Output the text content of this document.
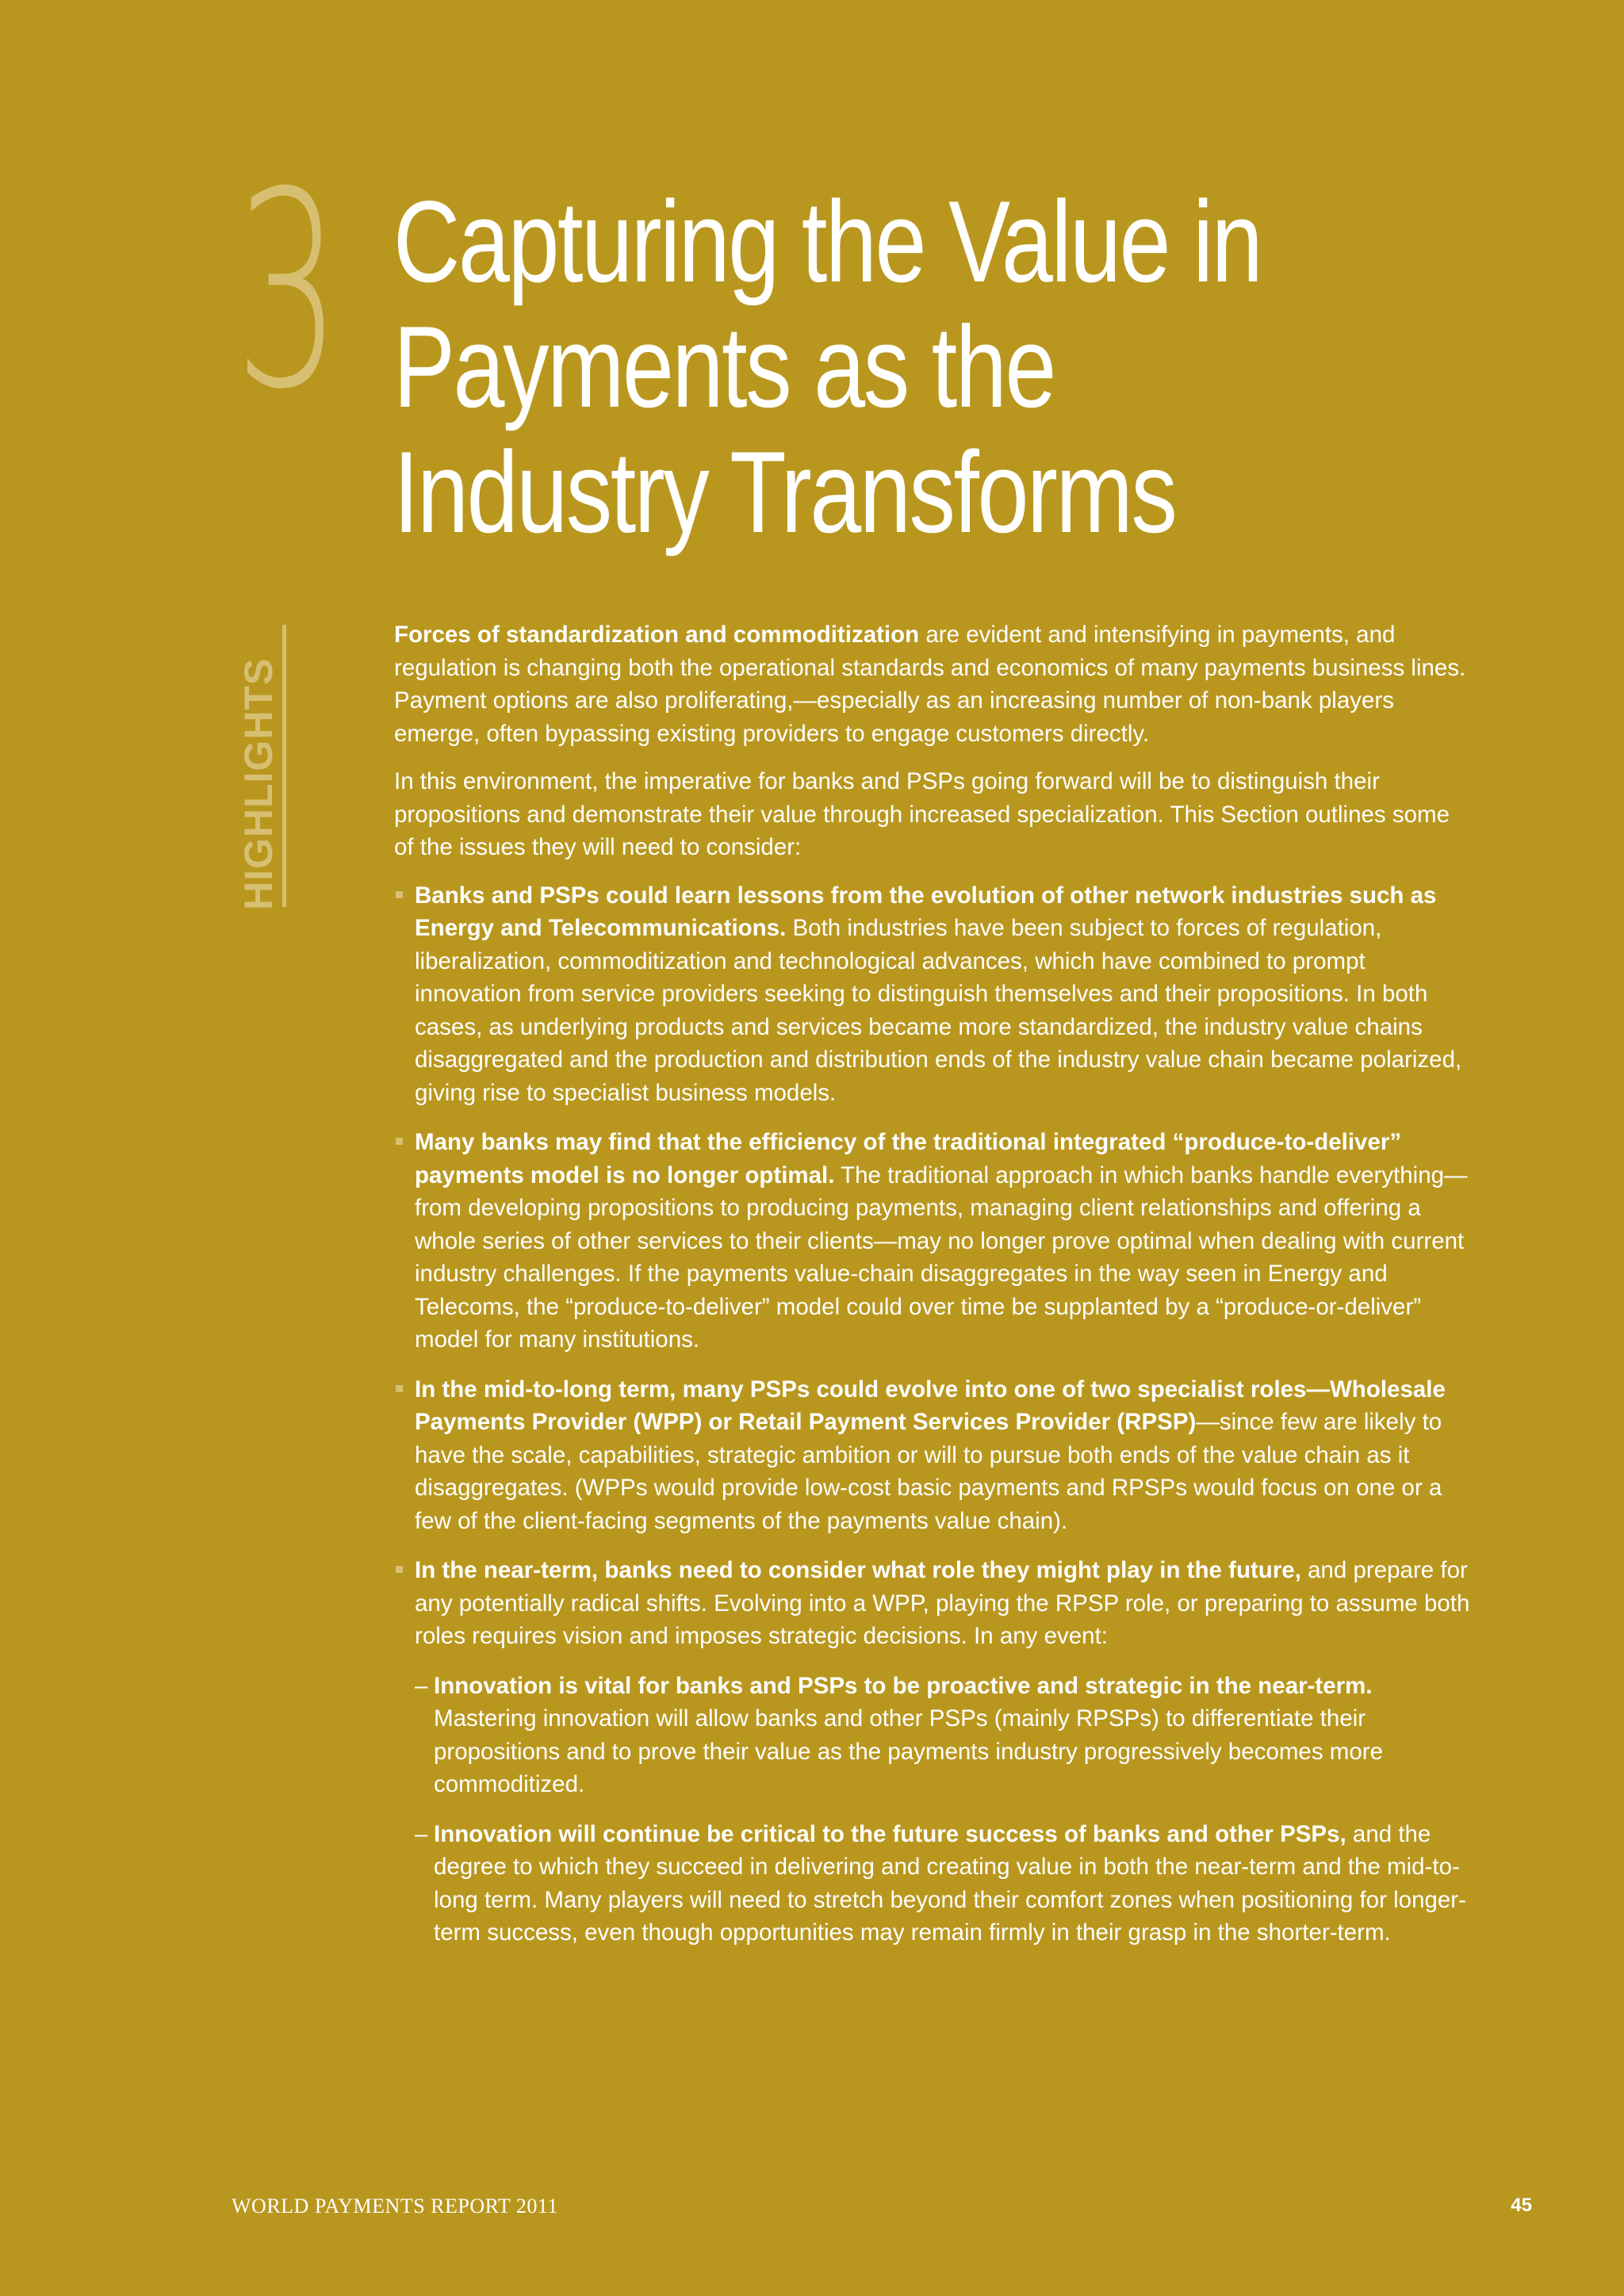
3 Capturing the Value in
Payments as the
Industry Transforms
HIGHLIGHTS

Forces of standardization and commoditization are evident and intensifying in payments, and regulation is changing both the operational standards and economics of many payments business lines. Payment options are also proliferating,—especially as an increasing number of non-bank players emerge, often bypassing existing providers to engage customers directly.

In this environment, the imperative for banks and PSPs going forward will be to distinguish their propositions and demonstrate their value through increased specialization. This Section outlines some of the issues they will need to consider:

Banks and PSPs could learn lessons from the evolution of other network industries such as Energy and Telecommunications. Both industries have been subject to forces of regulation, liberalization, commoditization and technological advances, which have combined to prompt innovation from service providers seeking to distinguish themselves and their propositions. In both cases, as underlying products and services became more standardized, the industry value chains disaggregated and the production and distribution ends of the industry value chain became polarized, giving rise to specialist business models.
Many banks may find that the efficiency of the traditional integrated “produce-to-deliver” payments model is no longer optimal. The traditional approach in which banks handle everything—from developing propositions to producing payments, managing client relationships and offering a whole series of other services to their clients—may no longer prove optimal when dealing with current industry challenges. If the payments value-chain disaggregates in the way seen in Energy and Telecoms, the “produce-to-deliver” model could over time be supplanted by a “produce-or-deliver” model for many institutions.
In the mid-to-long term, many PSPs could evolve into one of two specialist roles—Wholesale Payments Provider (WPP) or Retail Payment Services Provider (RPSP)—since few are likely to have the scale, capabilities, strategic ambition or will to pursue both ends of the value chain as it disaggregates. (WPPs would provide low-cost basic payments and RPSPs would focus on one or a few of the client-facing segments of the payments value chain).
In the near-term, banks need to consider what role they might play in the future, and prepare for any potentially radical shifts. Evolving into a WPP, playing the RPSP role, or preparing to assume both roles requires vision and imposes strategic decisions. In any event:
– Innovation is vital for banks and PSPs to be proactive and strategic in the near-term. Mastering innovation will allow banks and other PSPs (mainly RPSPs) to differentiate their propositions and to prove their value as the payments industry progressively becomes more commoditized.
– Innovation will continue be critical to the future success of banks and other PSPs, and the degree to which they succeed in delivering and creating value in both the near-term and the mid-to-long term. Many players will need to stretch beyond their comfort zones when positioning for longer-term success, even though opportunities may remain firmly in their grasp in the shorter-term.
WORLD PAYMENTS REPORT 2011	45
